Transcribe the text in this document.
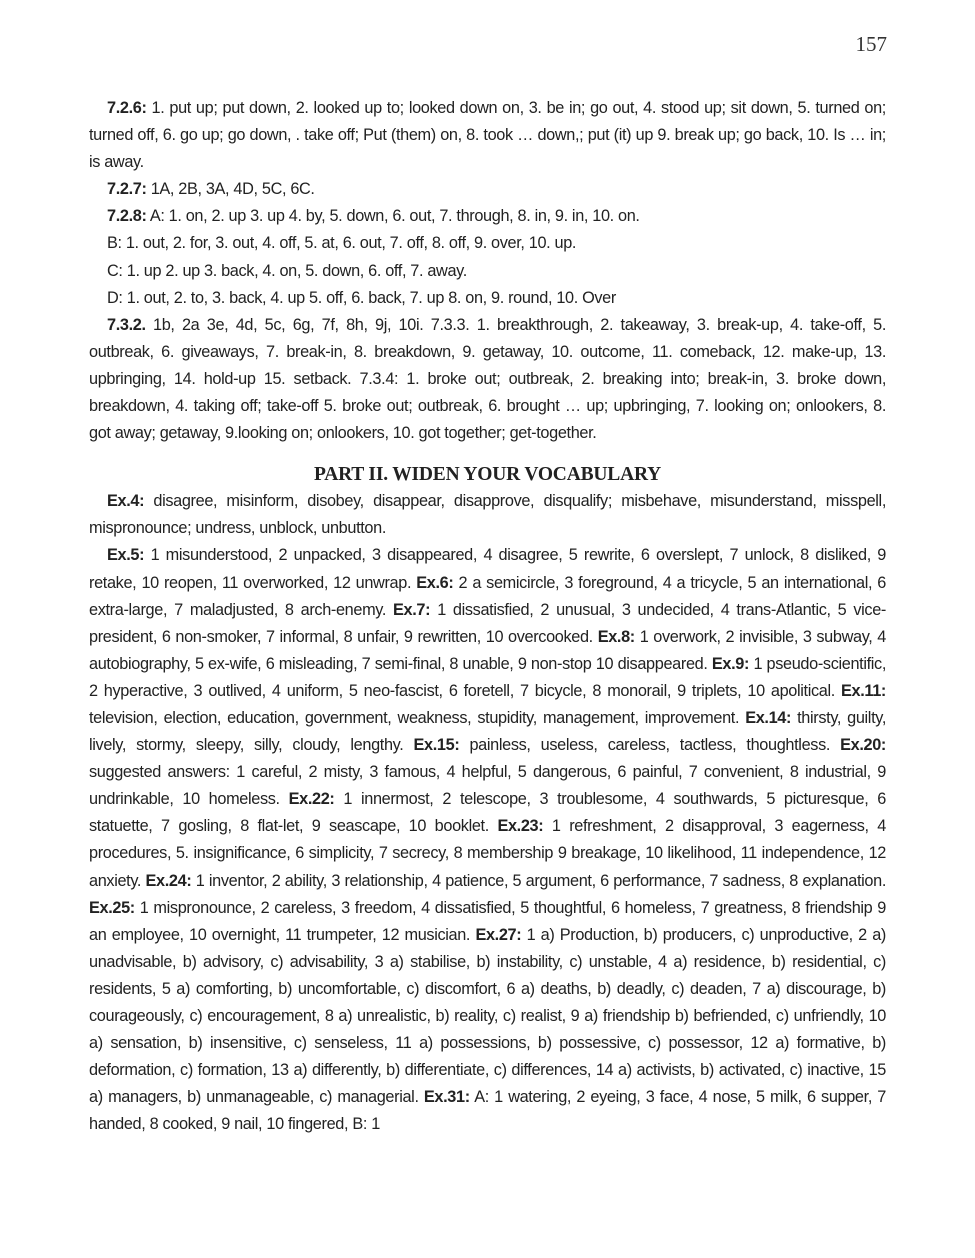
157

7.2.6: 1. put up; put down, 2. looked up to; looked down on, 3. be in; go out, 4. stood up; sit down, 5. turned on; turned off, 6. go up; go down, . take off; Put (them) on, 8. took … down,; put (it) up 9. break up; go back, 10. Is … in; is away.

7.2.7: 1A, 2B, 3A, 4D, 5C, 6C.

7.2.8: A: 1. on, 2. up 3. up 4. by, 5. down, 6. out, 7. through, 8. in, 9. in, 10. on.

B: 1. out, 2. for, 3. out, 4. off, 5. at, 6. out, 7. off, 8. off, 9. over, 10. up.

C: 1. up 2. up 3. back, 4. on, 5. down, 6. off, 7. away.

D: 1. out, 2. to, 3. back, 4. up 5. off, 6. back, 7. up 8. on, 9. round, 10. Over

7.3.2. 1b, 2a 3e, 4d, 5c, 6g, 7f, 8h, 9j, 10i. 7.3.3. 1. breakthrough, 2. takeaway, 3. break-up, 4. take-off, 5. outbreak, 6. giveaways, 7. break-in, 8. breakdown, 9. getaway, 10. outcome, 11. comeback, 12. make-up, 13. upbringing, 14. hold-up 15. setback. 7.3.4: 1. broke out; outbreak, 2. breaking into; break-in, 3. broke down, breakdown, 4. taking off; take-off 5. broke out; outbreak, 6. brought … up; upbringing, 7. looking on; onlookers, 8. got away; getaway, 9.looking on; onlookers, 10. got together; get-together.

PART II. WIDEN YOUR VOCABULARY

Ex.4: disagree, misinform, disobey, disappear, disapprove, disqualify; misbehave, misunderstand, misspell, mispronounce; undress, unblock, unbutton.

Ex.5: 1 misunderstood, 2 unpacked, 3 disappeared, 4 disagree, 5 rewrite, 6 overslept, 7 unlock, 8 disliked, 9 retake, 10 reopen, 11 overworked, 12 unwrap. Ex.6: 2 a semicircle, 3 foreground, 4 a tricycle, 5 an international, 6 extra-large, 7 maladjusted, 8 arch-enemy. Ex.7: 1 dissatisfied, 2 unusual, 3 undecided, 4 trans-Atlantic, 5 vice-president, 6 non-smoker, 7 informal, 8 unfair, 9 rewritten, 10 overcooked. Ex.8: 1 overwork, 2 invisible, 3 subway, 4 autobiography, 5 ex-wife, 6 misleading, 7 semi-final, 8 unable, 9 non-stop 10 disappeared. Ex.9: 1 pseudo-scientific, 2 hyperactive, 3 outlived, 4 uniform, 5 neo-fascist, 6 foretell, 7 bicycle, 8 monorail, 9 triplets, 10 apolitical. Ex.11: television, election, education, government, weakness, stupidity, management, improvement. Ex.14: thirsty, guilty, lively, stormy, sleepy, silly, cloudy, lengthy. Ex.15: painless, useless, careless, tactless, thoughtless. Ex.20: suggested answers: 1 careful, 2 misty, 3 famous, 4 helpful, 5 dangerous, 6 painful, 7 convenient, 8 industrial, 9 undrinkable, 10 homeless. Ex.22: 1 innermost, 2 telescope, 3 troublesome, 4 southwards, 5 picturesque, 6 statuette, 7 gosling, 8 flat-let, 9 seascape, 10 booklet. Ex.23: 1 refreshment, 2 disapproval, 3 eagerness, 4 procedures, 5. insignificance, 6 simplicity, 7 secrecy, 8 membership 9 breakage, 10 likelihood, 11 independence, 12 anxiety. Ex.24: 1 inventor, 2 ability, 3 relationship, 4 patience, 5 argument, 6 performance, 7 sadness, 8 explanation. Ex.25: 1 mispronounce, 2 careless, 3 freedom, 4 dissatisfied, 5 thoughtful, 6 homeless, 7 greatness, 8 friendship 9 an employee, 10 overnight, 11 trumpeter, 12 musician. Ex.27: 1 a) Production, b) producers, c) unproductive, 2 a) unadvisable, b) advisory, c) advisability, 3 a) stabilise, b) instability, c) unstable, 4 a) residence, b) residential, c) residents, 5 a) comforting, b) uncomfortable, c) discomfort, 6 a) deaths, b) deadly, c) deaden, 7 a) discourage, b) courageously, c) encouragement, 8 a) unrealistic, b) reality, c) realist, 9 a) friendship b) befriended, c) unfriendly, 10 a) sensation, b) insensitive, c) senseless, 11 a) possessions, b) possessive, c) possessor, 12 a) formative, b) deformation, c) formation, 13 a) differently, b) differentiate, c) differences, 14 a) activists, b) activated, c) inactive, 15 a) managers, b) unmanageable, c) managerial. Ex.31: A: 1 watering, 2 eyeing, 3 face, 4 nose, 5 milk, 6 supper, 7 handed, 8 cooked, 9 nail, 10 fingered, B: 1
